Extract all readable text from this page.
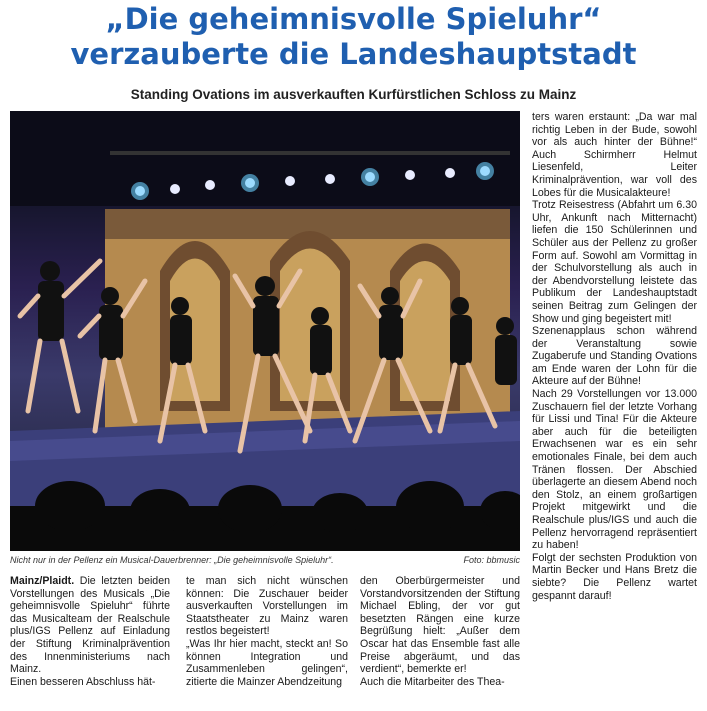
„Die geheimnisvolle Spieluhr“
verzauberte die Landeshauptstadt
Standing Ovations im ausverkauften Kurfürstlichen Schloss zu Mainz
Nicht nur in der Pellenz ein Musical-Dauerbrenner: „Die geheimnisvolle Spieluhr“.	Foto: bbmusic

Mainz/Plaidt. Die letzten beiden Vorstellungen des Musicals „Die geheimnisvolle Spieluhr“ führte das Musicalteam der Realschule plus/IGS Pellenz auf Einladung der Stiftung Kriminalprävention des Innenministeriums nach Mainz.

Einen besseren Abschluss hät-

te man sich nicht wünschen können: Die Zuschauer beider ausverkauften Vorstellungen im Staatstheater zu Mainz waren restlos begeistert!

„Was Ihr hier macht, steckt an! So können Integration und Zusammenleben gelingen“, zitierte die Mainzer Abendzeitung

den Oberbürgermeister und Vorstandvorsitzenden der Stiftung Michael Ebling, der vor gut besetzten Rängen eine kurze Begrüßung hielt: „Außer dem Oscar hat das Ensemble fast alle Preise abgeräumt, und das verdient“, bemerkte er!

Auch die Mitarbeiter des Thea-

ters waren erstaunt: „Da war mal richtig Leben in der Bude, sowohl vor als auch hinter der Bühne!“ Auch Schirmherr Helmut Liesenfeld, Leiter Kriminalprävention, war voll des Lobes für die Musicalakteure!

Trotz Reisestress (Abfahrt um 6.30 Uhr, Ankunft nach Mitternacht) liefen die 150 Schülerinnen und Schüler aus der Pellenz zu großer Form auf. Sowohl am Vormittag in der Schulvorstellung als auch in der Abendvorstellung leistete das Publikum der Landeshauptstadt seinen Beitrag zum Gelingen der Show und ging begeistert mit!

Szenenapplaus schon während der Veranstaltung sowie Zugaberufe und Standing Ovations am Ende waren der Lohn für die Akteure auf der Bühne!

Nach 29 Vorstellungen vor 13.000 Zuschauern fiel der letzte Vorhang für Lissi und Tina! Für die Akteure aber auch für die beteiligten Erwachsenen war es ein sehr emotionales Finale, bei dem auch Tränen flossen. Der Abschied überlagerte an diesem Abend noch den Stolz, an einem großartigen Projekt mitgewirkt und die Realschule plus/IGS und auch die Pellenz hervorragend repräsentiert zu haben!

Folgt der sechsten Produktion von Martin Becker und Hans Bretz die siebte? Die Pellenz wartet gespannt darauf!
